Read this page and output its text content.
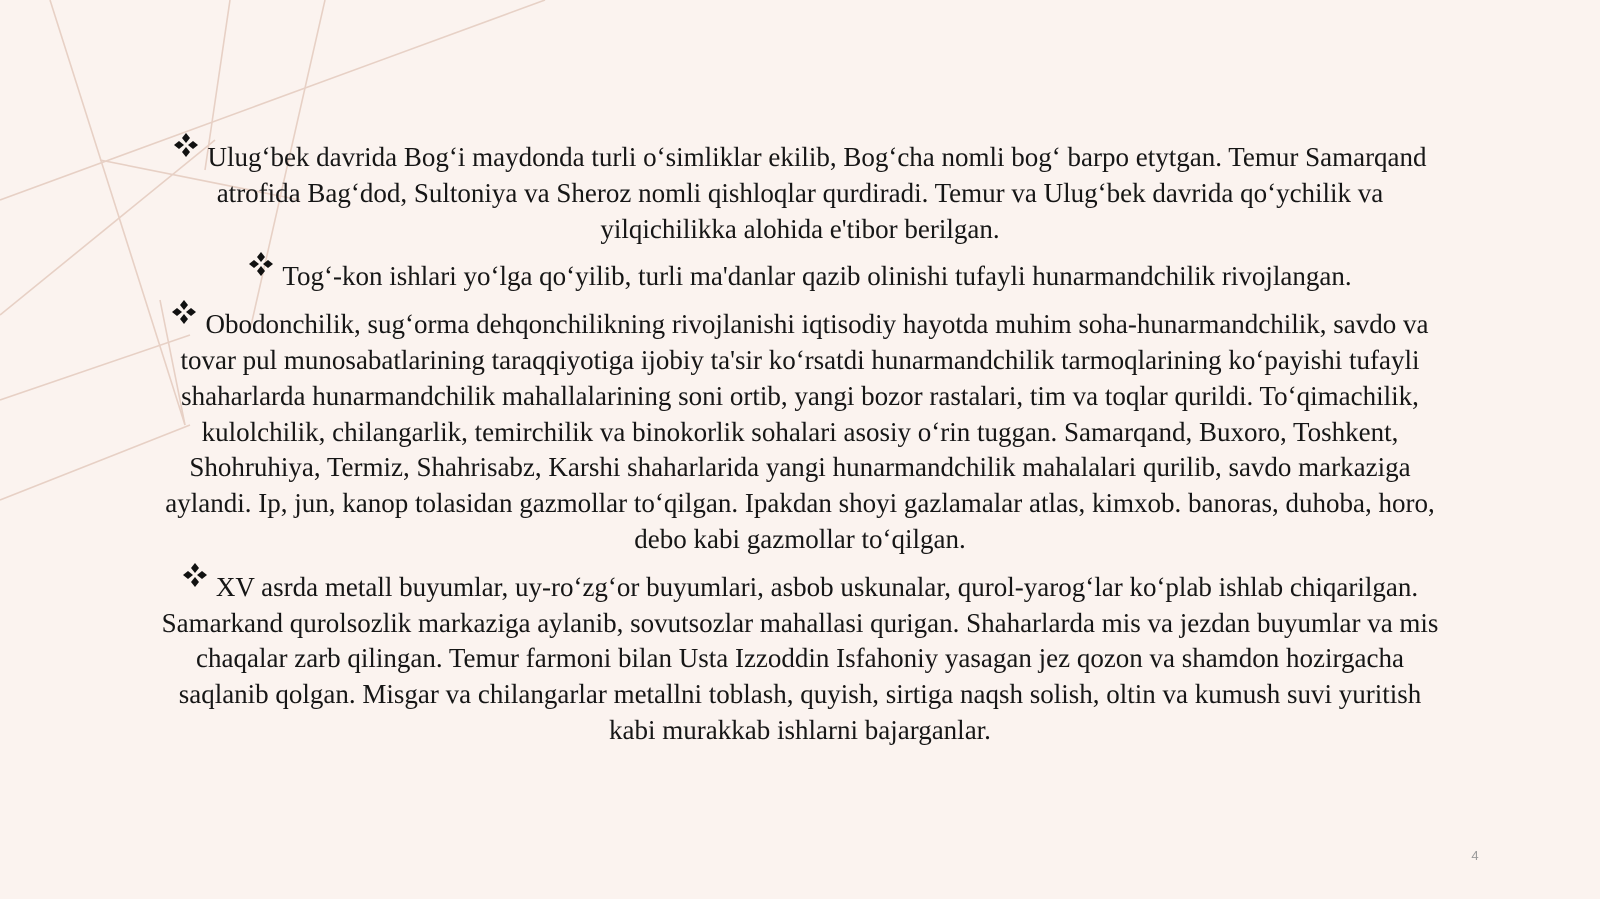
Ulug‘bek davrida Bog‘i maydonda turli o‘simliklar ekilib, Bog‘cha nomli bog‘ barpo etytgan. Temur Samarqand atrofida Bag‘dod, Sultoniya va Sheroz nomli qishloqlar qurdiradi. Temur va Ulug‘bek davrida qo‘ychilik va yilqichilikka alohida e'tibor berilgan.

Tog‘-kon ishlari yo‘lga qo‘yilib, turli ma'danlar qazib olinishi tufayli hunarmandchilik rivojlangan.

Obodonchilik, sug‘orma dehqonchilikning rivojlanishi iqtisodiy hayotda muhim soha-hunarmandchilik, savdo va tovar pul munosabatlarining taraqqiyotiga ijobiy ta'sir ko‘rsatdi hunarmandchilik tarmoqlarining ko‘payishi tufayli shaharlarda hunarmandchilik mahallalarining soni ortib, yangi bozor rastalari, tim va toqlar qurildi. To‘qimachilik, kulolchilik, chilangarlik, temirchilik va binokorlik sohalari asosiy o‘rin tuggan. Samarqand, Buxoro, Toshkent, Shohruhiya, Termiz, Shahrisabz, Karshi shaharlarida yangi hunarmandchilik mahalalari qurilib, savdo markaziga aylandi. Ip, jun, kanop tolasidan gazmollar to‘qilgan. Ipakdan shoyi gazlamalar atlas, kimxob. banoras, duhoba, horo, debo kabi gazmollar to‘qilgan.

XV asrda metall buyumlar, uy-ro‘zg‘or buyumlari, asbob uskunalar, qurol-yarog‘lar ko‘plab ishlab chiqarilgan. Samarkand qurolsozlik markaziga aylanib, sovutsozlar mahallasi qurigan. Shaharlarda mis va jezdan buyumlar va mis chaqalar zarb qilingan. Temur farmoni bilan Usta Izzoddin Isfahoniy yasagan jez qozon va shamdon hozirgacha saqlanib qolgan. Misgar va chilangarlar metallni toblash, quyish, sirtiga naqsh solish, oltin va kumush suvi yuritish kabi murakkab ishlarni bajarganlar.

4
